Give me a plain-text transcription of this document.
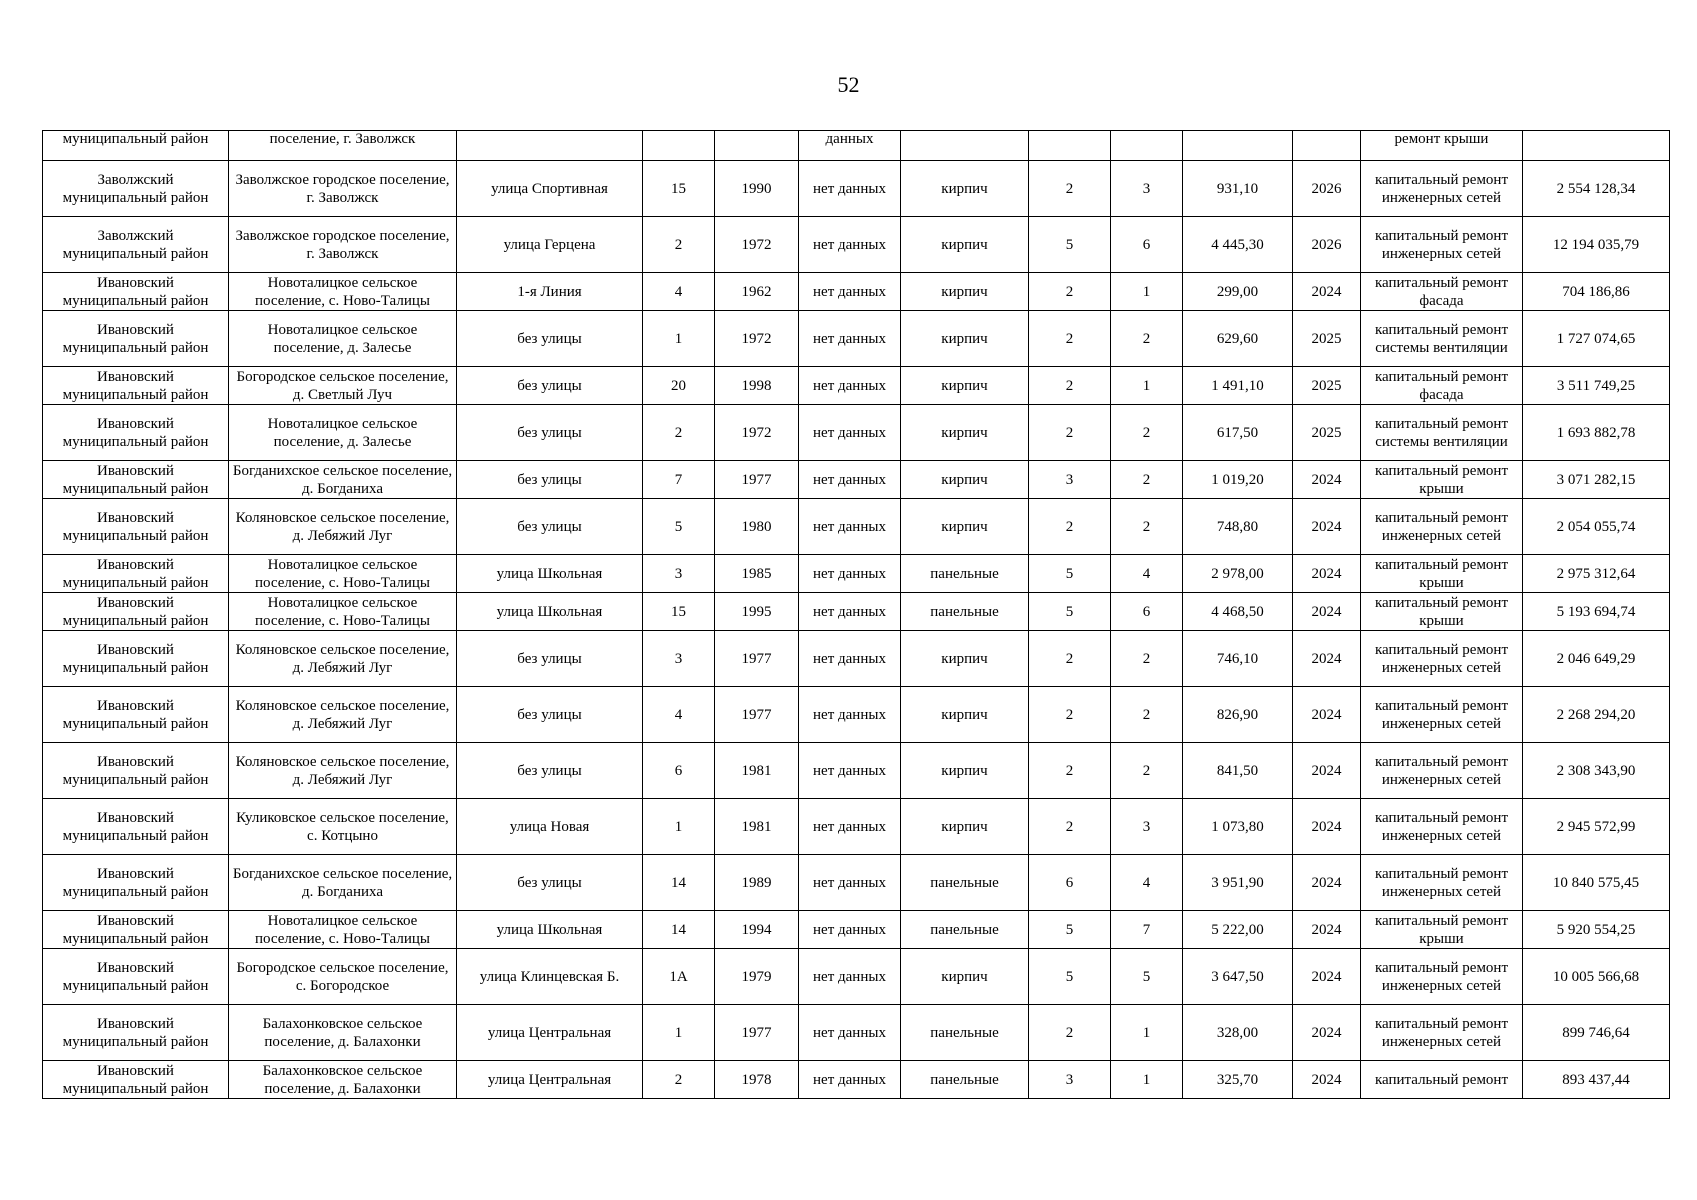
52
муниципальный район	поселение, г. Заволжск				данных						ремонт крыши	
Заволжский муниципальный район	Заволжское городское поселение, г. Заволжск	улица Спортивная	15	1990	нет данных	кирпич	2	3	931,10	2026	капитальный ремонт инженерных сетей	2 554 128,34
Заволжский муниципальный район	Заволжское городское поселение, г. Заволжск	улица Герцена	2	1972	нет данных	кирпич	5	6	4 445,30	2026	капитальный ремонт инженерных сетей	12 194 035,79
Ивановский муниципальный район	Новоталицкое сельское поселение, с. Ново-Талицы	1-я Линия	4	1962	нет данных	кирпич	2	1	299,00	2024	капитальный ремонт фасада	704 186,86
Ивановский муниципальный район	Новоталицкое сельское поселение, д. Залесье	без улицы	1	1972	нет данных	кирпич	2	2	629,60	2025	капитальный ремонт системы вентиляции	1 727 074,65
Ивановский муниципальный район	Богородское сельское поселение, д. Светлый Луч	без улицы	20	1998	нет данных	кирпич	2	1	1 491,10	2025	капитальный ремонт фасада	3 511 749,25
Ивановский муниципальный район	Новоталицкое сельское поселение, д. Залесье	без улицы	2	1972	нет данных	кирпич	2	2	617,50	2025	капитальный ремонт системы вентиляции	1 693 882,78
Ивановский муниципальный район	Богданихское сельское поселение, д. Богданиха	без улицы	7	1977	нет данных	кирпич	3	2	1 019,20	2024	капитальный ремонт крыши	3 071 282,15
Ивановский муниципальный район	Коляновское сельское поселение, д. Лебяжий Луг	без улицы	5	1980	нет данных	кирпич	2	2	748,80	2024	капитальный ремонт инженерных сетей	2 054 055,74
Ивановский муниципальный район	Новоталицкое сельское поселение, с. Ново-Талицы	улица Школьная	3	1985	нет данных	панельные	5	4	2 978,00	2024	капитальный ремонт крыши	2 975 312,64
Ивановский муниципальный район	Новоталицкое сельское поселение, с. Ново-Талицы	улица Школьная	15	1995	нет данных	панельные	5	6	4 468,50	2024	капитальный ремонт крыши	5 193 694,74
Ивановский муниципальный район	Коляновское сельское поселение, д. Лебяжий Луг	без улицы	3	1977	нет данных	кирпич	2	2	746,10	2024	капитальный ремонт инженерных сетей	2 046 649,29
Ивановский муниципальный район	Коляновское сельское поселение, д. Лебяжий Луг	без улицы	4	1977	нет данных	кирпич	2	2	826,90	2024	капитальный ремонт инженерных сетей	2 268 294,20
Ивановский муниципальный район	Коляновское сельское поселение, д. Лебяжий Луг	без улицы	6	1981	нет данных	кирпич	2	2	841,50	2024	капитальный ремонт инженерных сетей	2 308 343,90
Ивановский муниципальный район	Куликовское сельское поселение, с. Котцыно	улица Новая	1	1981	нет данных	кирпич	2	3	1 073,80	2024	капитальный ремонт инженерных сетей	2 945 572,99
Ивановский муниципальный район	Богданихское сельское поселение, д. Богданиха	без улицы	14	1989	нет данных	панельные	6	4	3 951,90	2024	капитальный ремонт инженерных сетей	10 840 575,45
Ивановский муниципальный район	Новоталицкое сельское поселение, с. Ново-Талицы	улица Школьная	14	1994	нет данных	панельные	5	7	5 222,00	2024	капитальный ремонт крыши	5 920 554,25
Ивановский муниципальный район	Богородское сельское поселение, с. Богородское	улица Клинцевская Б.	1А	1979	нет данных	кирпич	5	5	3 647,50	2024	капитальный ремонт инженерных сетей	10 005 566,68
Ивановский муниципальный район	Балахонковское сельское поселение, д. Балахонки	улица Центральная	1	1977	нет данных	панельные	2	1	328,00	2024	капитальный ремонт инженерных сетей	899 746,64
Ивановский муниципальный район	Балахонковское сельское поселение, д. Балахонки	улица Центральная	2	1978	нет данных	панельные	3	1	325,70	2024	капитальный ремонт	893 437,44
